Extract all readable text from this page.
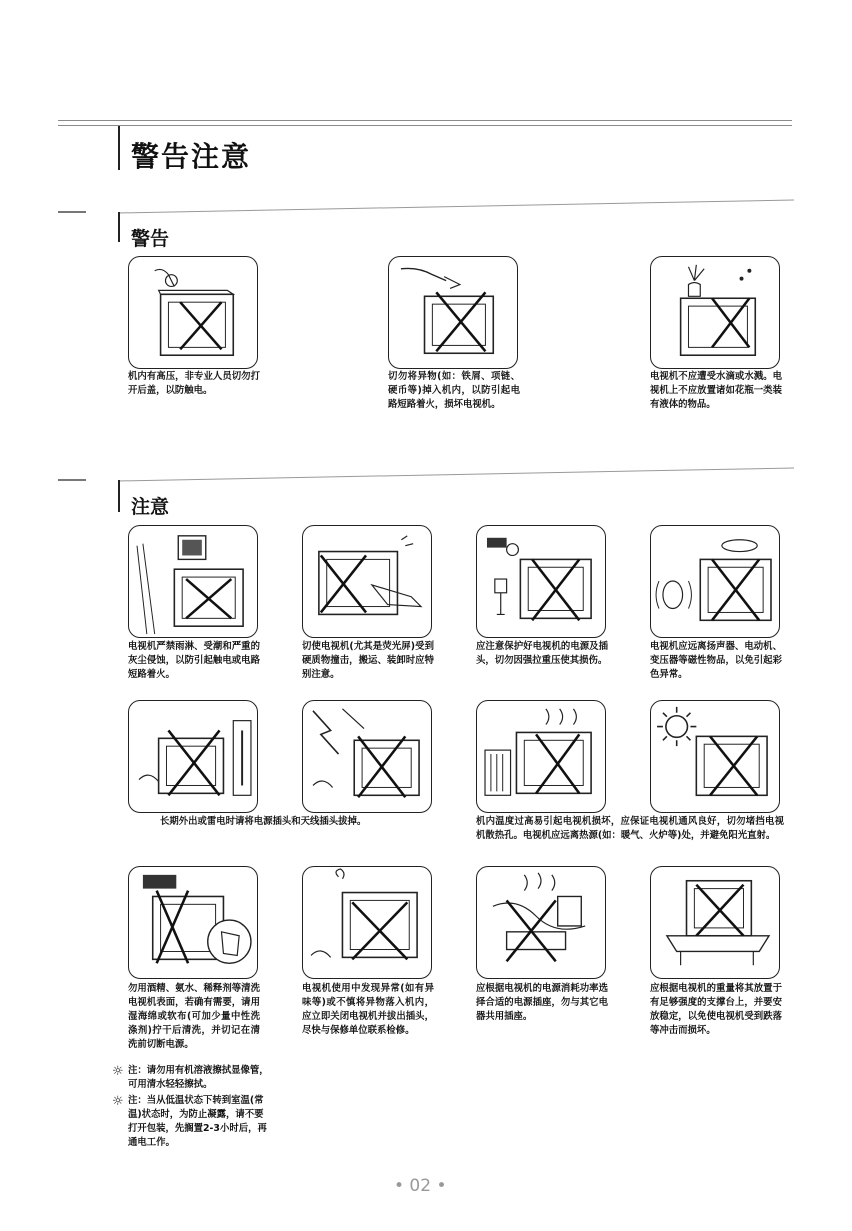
警告注意
警告
机内有高压，非专业人员切勿打开后盖，以防触电。
切勿将异物(如：铁屑、项链、硬币等)掉入机内，以防引起电路短路着火，损坏电视机。
电视机不应遭受水滴或水溅。电视机上不应放置诸如花瓶一类装有液体的物品。
注意
电视机严禁雨淋、受潮和严重的灰尘侵蚀，以防引起触电或电路短路着火。
切使电视机(尤其是荧光屏)受到硬质物撞击，搬运、装卸时应特别注意。
应注意保护好电视机的电源及插头，切勿因强拉重压使其损伤。
电视机应远离扬声器、电动机、变压器等磁性物品，以免引起彩色异常。
长期外出或雷电时请将电源插头和天线插头拔掉。	机内温度过高易引起电视机损坏，应保证电视机通风良好，切勿堵挡电视机散热孔。电视机应远离热源(如：暖气、火炉等)处，并避免阳光直射。
勿用酒精、氨水、稀释剂等清洗电视机表面，若确有需要，请用湿海绵或软布(可加少量中性洗涤剂)拧干后清洗，并切记在清洗前切断电源。
电视机使用中发现异常(如有异味等)或不慎将异物落入机内，应立即关闭电视机并拔出插头，尽快与保修单位联系检修。
应根据电视机的电源消耗功率选择合适的电源插座，勿与其它电器共用插座。
应根据电视机的重量将其放置于有足够强度的支撑台上，并要安放稳定，以免使电视机受到跌落等冲击而损坏。
☼ 注：请勿用有机溶液擦拭显像管，可用清水轻轻擦拭。
☼ 注：当从低温状态下转到室温(常温)状态时，为防止凝露，请不要打开包装，先搁置2-3小时后，再通电工作。
• 02 •
